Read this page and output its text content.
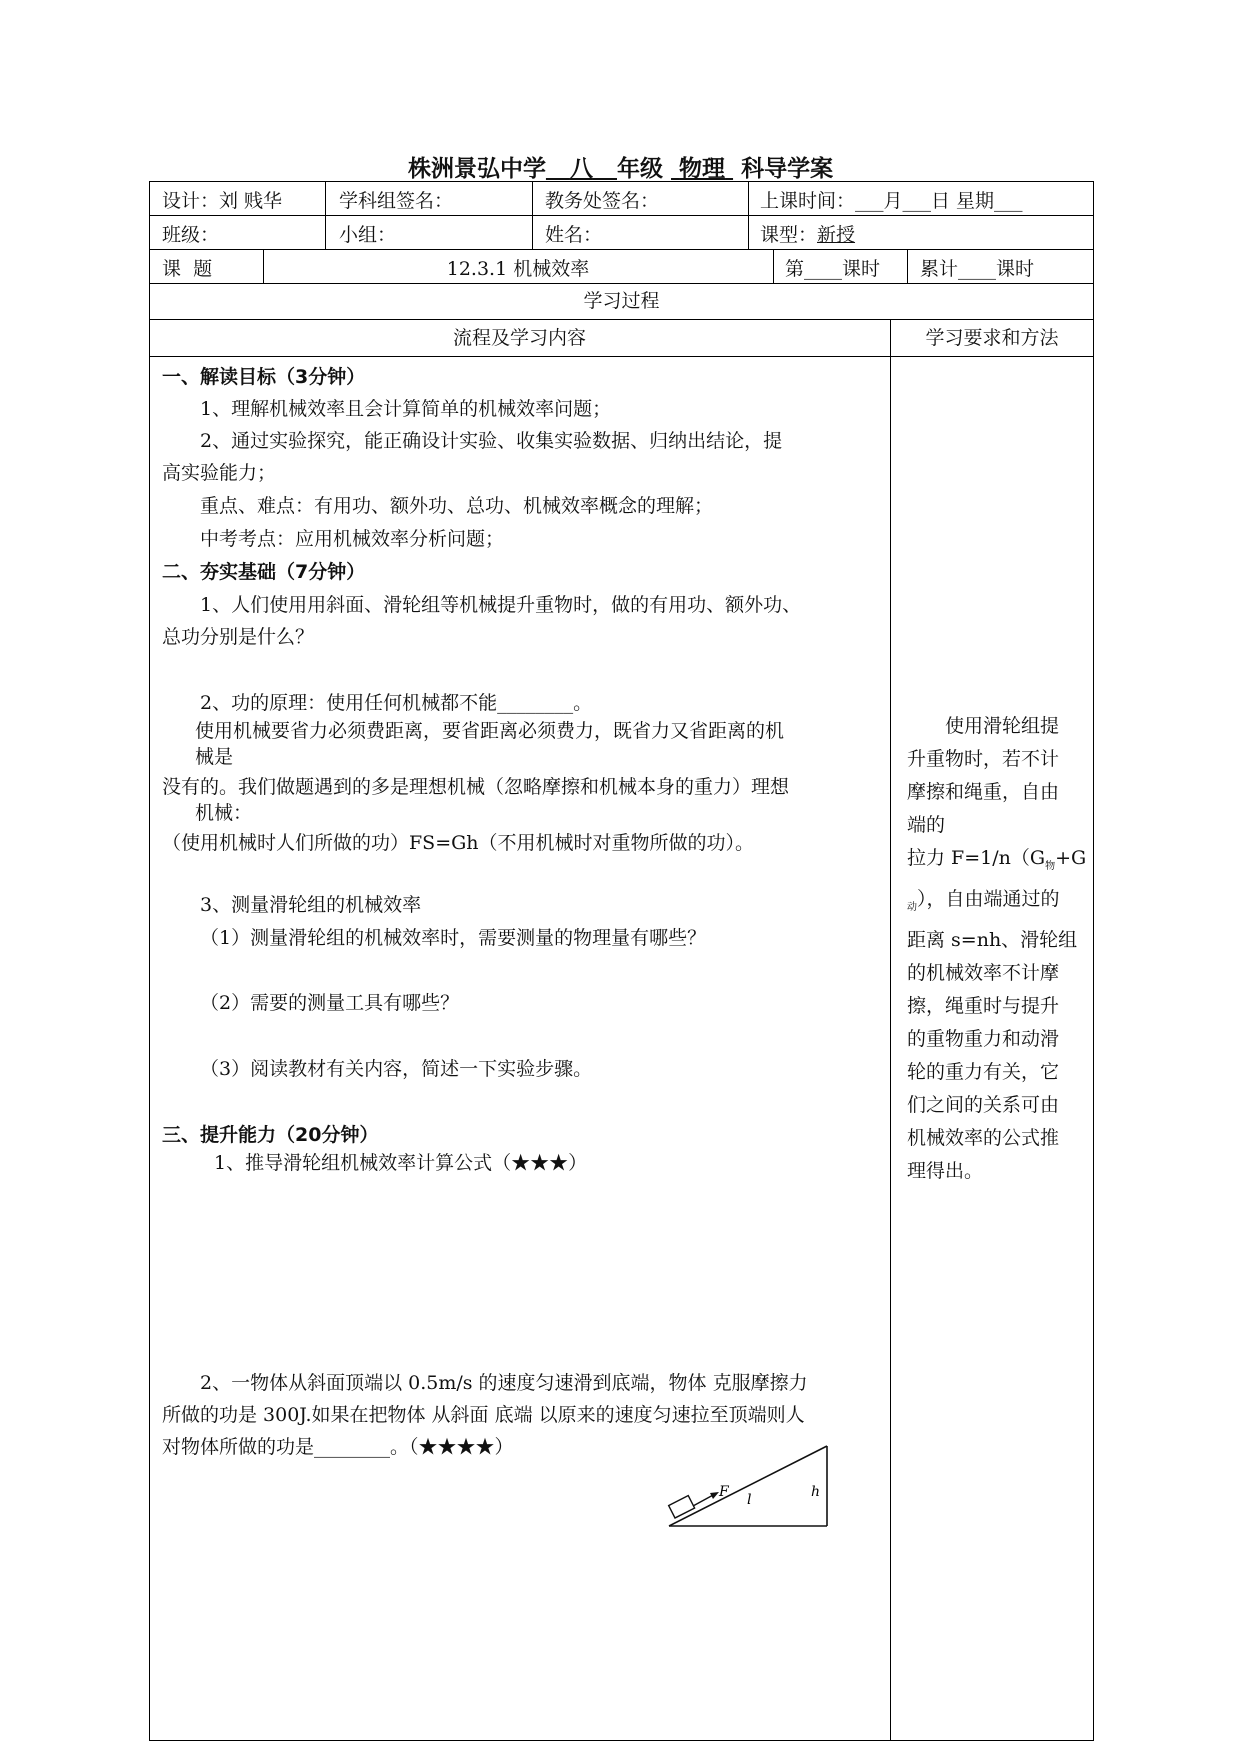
株洲景弘中学 八 年级 物理 科导学案
设计：刘 贱华	学科组签名：	教务处签名：	上课时间：___月___日 星期___
班级：	小组：	姓名：	课型：新授
课  题	12.3.1 机械效率	第____课时 累计____课时
学习过程
流程及学习内容	学习要求和方法
一、解读目标（3分钟）
1、理解机械效率且会计算简单的机械效率问题；
2、通过实验探究，能正确设计实验、收集实验数据、归纳出结论，提
高实验能力；
重点、难点：有用功、额外功、总功、机械效率概念的理解；
中考考点：应用机械效率分析问题；
二、夯实基础（7分钟）
1、人们使用用斜面、滑轮组等机械提升重物时，做的有用功、额外功、
总功分别是什么？
2、功的原理：使用任何机械都不能________。
使用机械要省力必须费距离，要省距离必须费力，既省力又省距离的机
械是
没有的。我们做题遇到的多是理想机械（忽略摩擦和机械本身的重力）理想
机械：
（使用机械时人们所做的功）FS=Gh（不用机械时对重物所做的功）。
3、测量滑轮组的机械效率
（1）测量滑轮组的机械效率时，需要测量的物理量有哪些？
（2）需要的测量工具有哪些？
（3）阅读教材有关内容，简述一下实验步骤。
三、提升能力（20分钟）
1、推导滑轮组机械效率计算公式（★★★）
2、一物体从斜面顶端以 0.5m/s 的速度匀速滑到底端，物体 克服摩擦力
所做的功是 300J.如果在把物体 从斜面 底端 以原来的速度匀速拉至顶端则人
对物体所做的功是________。（★★★★）
F l	h

使用滑轮组提

升重物时，若不计

摩擦和绳重，自由

端的

拉力 $F=1/n(G_物+G$

$_动$），自由端通过的

距离 s=nh、滑轮组

的机械效率不计摩

擦，绳重时与提升

的重物重力和动滑

轮的重力有关，它

们之间的关系可由

机械效率的公式推

理得出。
